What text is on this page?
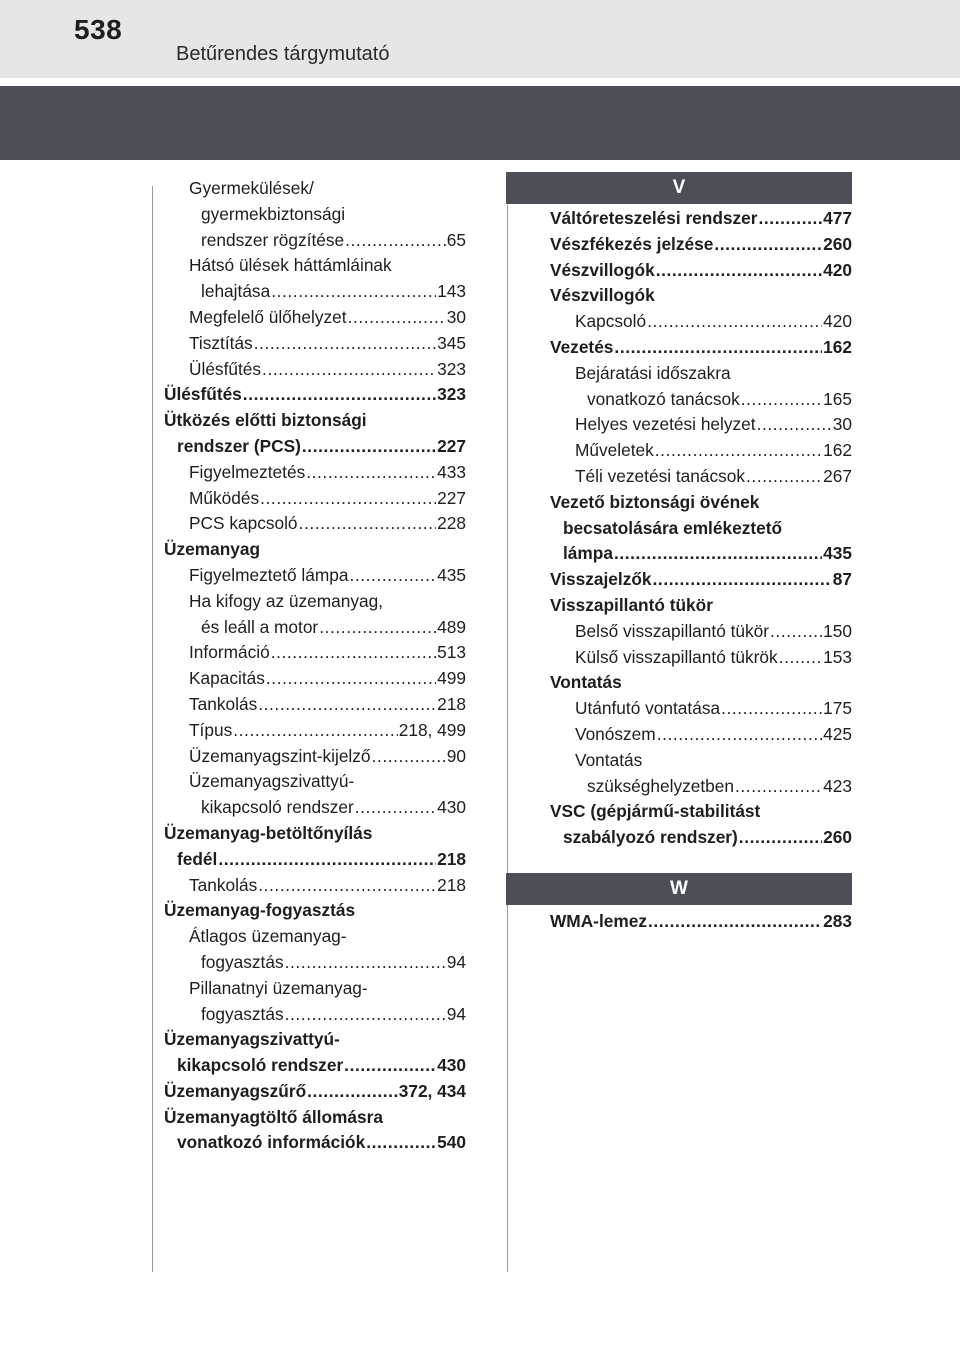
538
Betűrendes tárgymutató
Gyermekülések/
gyermekbiztonsági
rendszer rögzítése .....	65
Hátsó ülések háttámláinak
lehajtása .....	143
Megfelelő ülőhelyzet .....	30
Tisztítás .....	345
Ülésfűtés .....	323
Ülésfűtés .....	323
Ütközés előtti biztonsági
rendszer (PCS) .....	227
Figyelmeztetés .....	433
Működés .....	227
PCS kapcsoló .....	228
Üzemanyag
Figyelmeztető lámpa .....	435
Ha kifogy az üzemanyag,
és leáll a motor .....	489
Információ .....	513
Kapacitás .....	499
Tankolás .....	218
Típus .....	218, 499
Üzemanyagszint-kijelző .....	90
Üzemanyagszivattyú-
kikapcsoló rendszer .....	430
Üzemanyag-betöltőnyílás
fedél .....	218
Tankolás .....	218
Üzemanyag-fogyasztás
Átlagos üzemanyag-
fogyasztás .....	94
Pillanatnyi üzemanyag-
fogyasztás .....	94
Üzemanyagszivattyú-
kikapcsoló rendszer .....	430
Üzemanyagszűrő .....	372, 434
Üzemanyagtöltő állomásra
vonatkozó információk .....	540
V
Váltóreteszelési rendszer .....	477
Vészfékezés jelzése .....	260
Vészvillogók .....	420
Vészvillogók
Kapcsoló .....	420
Vezetés .....	162
Bejáratási időszakra
vonatkozó tanácsok .....	165
Helyes vezetési helyzet .....	30
Műveletek .....	162
Téli vezetési tanácsok .....	267
Vezető biztonsági övének
becsatolására emlékeztető
lámpa .....	435
Visszajelzők .....	87
Visszapillantó tükör
Belső visszapillantó tükör .....	150
Külső visszapillantó tükrök .....	153
Vontatás
Utánfutó vontatása .....	175
Vonószem .....	425
Vontatás
szükséghelyzetben .....	423
VSC (gépjármű-stabilitást
szabályozó rendszer) .....	260
W
WMA-lemez .....	283
